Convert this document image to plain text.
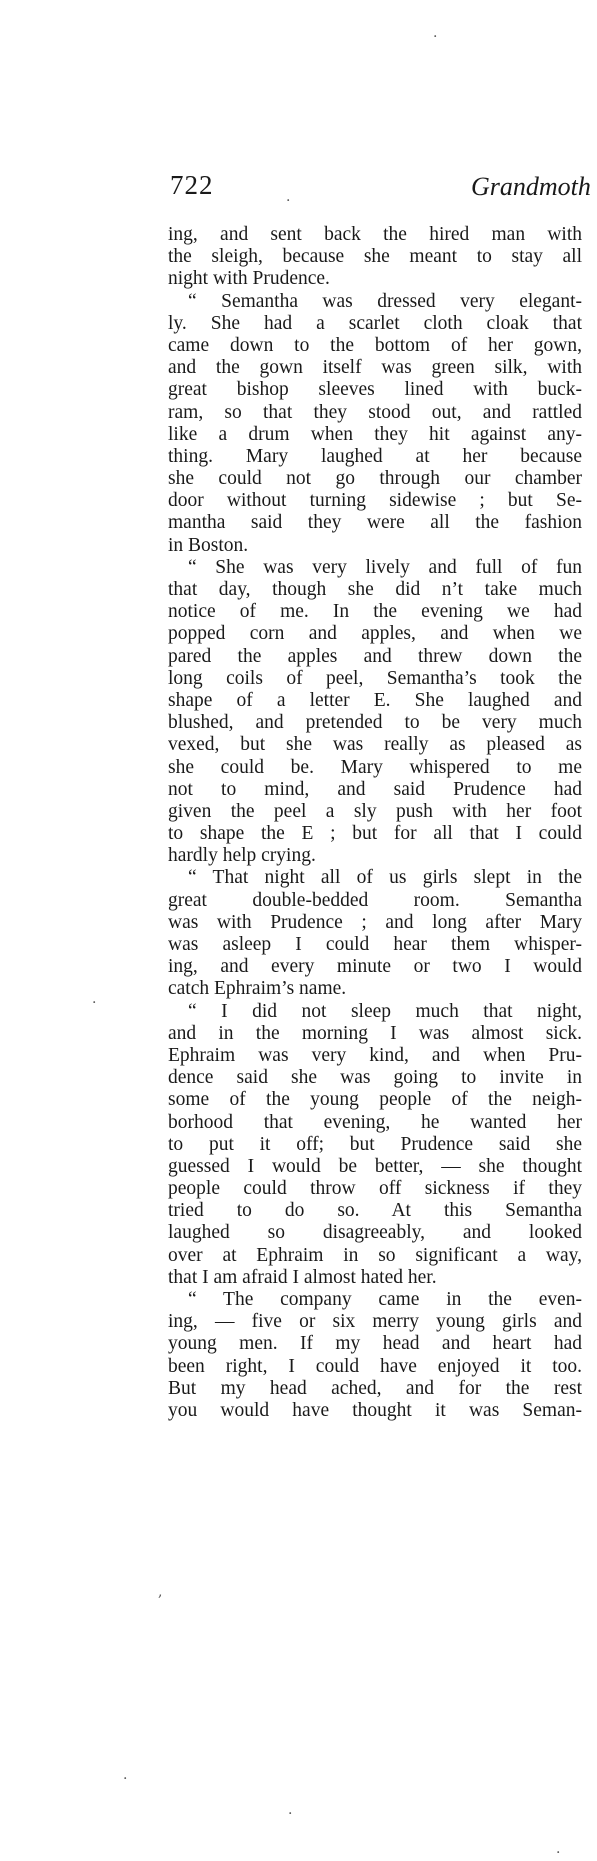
722	Grandmoth
ing, and sent back the hired man with
the sleigh, because she meant to stay all
night with Prudence.
“ Semantha was dressed very elegant-
ly. She had a scarlet cloth cloak that
came down to the bottom of her gown,
and the gown itself was green silk, with
great bishop sleeves lined with buck-
ram, so that they stood out, and rattled
like a drum when they hit against any-
thing. Mary laughed at her because
she could not go through our chamber
door without turning sidewise ; but Se-
mantha said they were all the fashion
in Boston.
“ She was very lively and full of fun
that day, though she did n’t take much
notice of me. In the evening we had
popped corn and apples, and when we
pared the apples and threw down the
long coils of peel, Semantha’s took the
shape of a letter E. She laughed and
blushed, and pretended to be very much
vexed, but she was really as pleased as
she could be. Mary whispered to me
not to mind, and said Prudence had
given the peel a sly push with her foot
to shape the E ; but for all that I could
hardly help crying.
“ That night all of us girls slept in the
great double-bedded room. Semantha
was with Prudence ; and long after Mary
was asleep I could hear them whisper-
ing, and every minute or two I would
catch Ephraim’s name.
“ I did not sleep much that night,
and in the morning I was almost sick.
Ephraim was very kind, and when Pru-
dence said she was going to invite in
some of the young people of the neigh-
borhood that evening, he wanted her
to put it off; but Prudence said she
guessed I would be better, — she thought
people could throw off sickness if they
tried to do so. At this Semantha
laughed so disagreeably, and looked
over at Ephraim in so significant a way,
that I am afraid I almost hated her.
“ The company came in the even-
ing, — five or six merry young girls and
young men. If my head and heart had
been right, I could have enjoyed it too.
But my head ached, and for the rest
you would have thought it was Seman-
·
·
·
,
·
·
·
